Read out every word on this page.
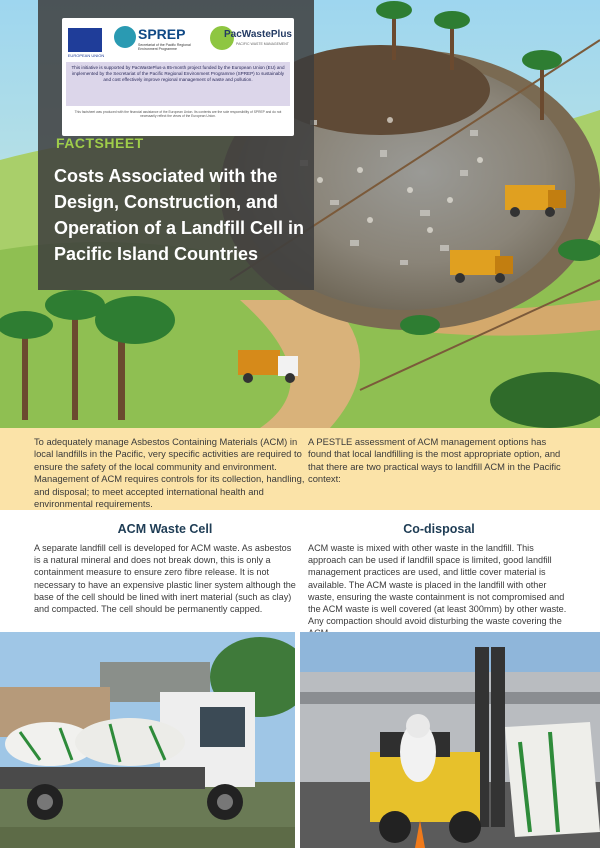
EUROPEAN UNION
SPREP
Secretariat of the Pacific Regional Environment Programme
PacWastePlus
PACIFIC WASTE MANAGEMENT
This initiative is supported by PacWastePlus-a 85-month project funded by the European Union (EU) and implemented by the Secretariat of the Pacific Regional Environment Programme (SPREP) to sustainably and cost effectively improve regional management of waste and pollution.
This factsheet was produced with the financial assistance of the European Union. Its contents are the sole responsibility of SPREP and do not necessarily reflect the views of the European Union.
FACTSHEET
Costs Associated with the Design, Construction, and Operation of a Landfill Cell in Pacific Island Countries
To adequately manage Asbestos Containing Materials (ACM) in local landfills in the Pacific, very specific activities are required to ensure the safety of the local community and environment. Management of ACM requires controls for its collection, handling, and disposal; to meet accepted international health and environmental requirements.
A PESTLE assessment of ACM management options has found that local landfilling is the most appropriate option, and that there are two practical ways to landfill ACM in the Pacific context:
ACM Waste Cell
A separate landfill cell is developed for ACM waste. As asbestos is a natural mineral and does not break down, this is only a containment measure to ensure zero fibre release. It is not necessary to have an expensive plastic liner system although the base of the cell should be lined with inert material (such as clay) and compacted. The cell should be permanently capped.
Co-disposal
ACM waste is mixed with other waste in the landfill. This approach can be used if landfill space is limited, good landfill management practices are used, and little cover material is available. The ACM waste is placed in the landfill with other waste, ensuring the waste containment is not compromised and the ACM waste is well covered (at least 300mm) by other waste. Any compaction should avoid disturbing the waste covering the
